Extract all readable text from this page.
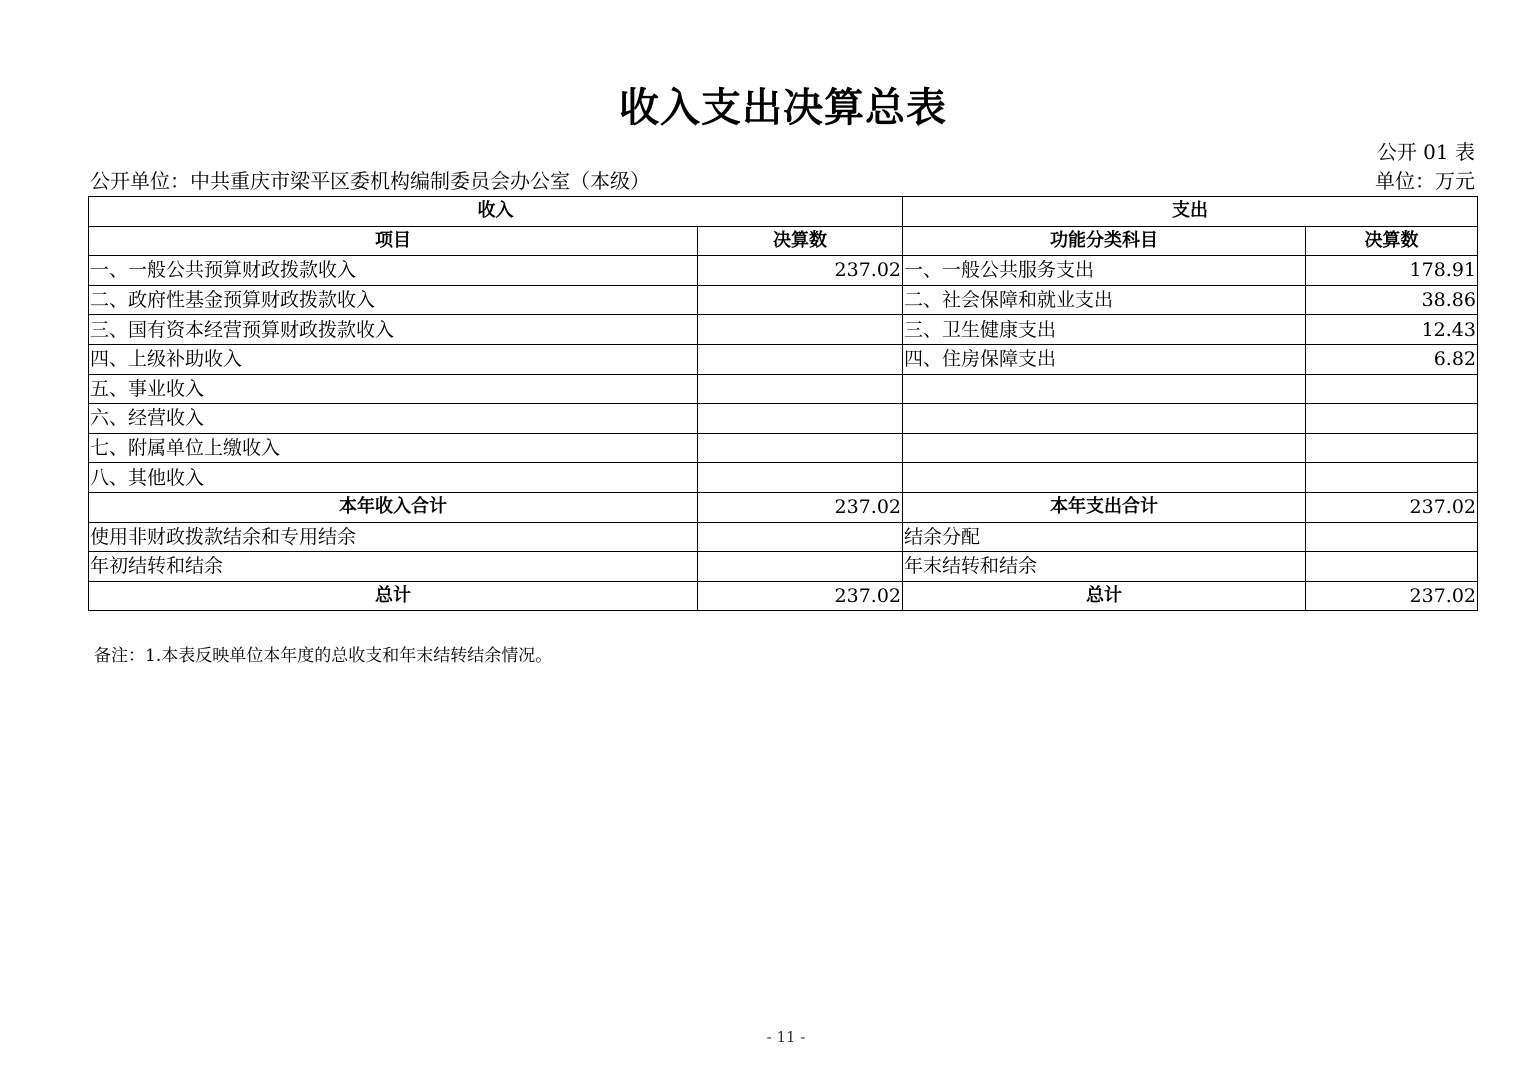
收入支出决算总表
公开 01 表
公开单位：中共重庆市梁平区委机构编制委员会办公室（本级）	单位：万元
收入		支出	
项目	决算数	功能分类科目	决算数
一、一般公共预算财政拨款收入	237.02	一、一般公共服务支出	178.91
二、政府性基金预算财政拨款收入		二、社会保障和就业支出	38.86
三、国有资本经营预算财政拨款收入		三、卫生健康支出	12.43
四、上级补助收入		四、住房保障支出	6.82
五、事业收入			
六、经营收入			
七、附属单位上缴收入			
八、其他收入			
本年收入合计	237.02	本年支出合计	237.02
使用非财政拨款结余和专用结余		结余分配	
年初结转和结余		年末结转和结余	
总计	237.02	总计	237.02
备注：1.本表反映单位本年度的总收支和年末结转结余情况。
- 11 -
